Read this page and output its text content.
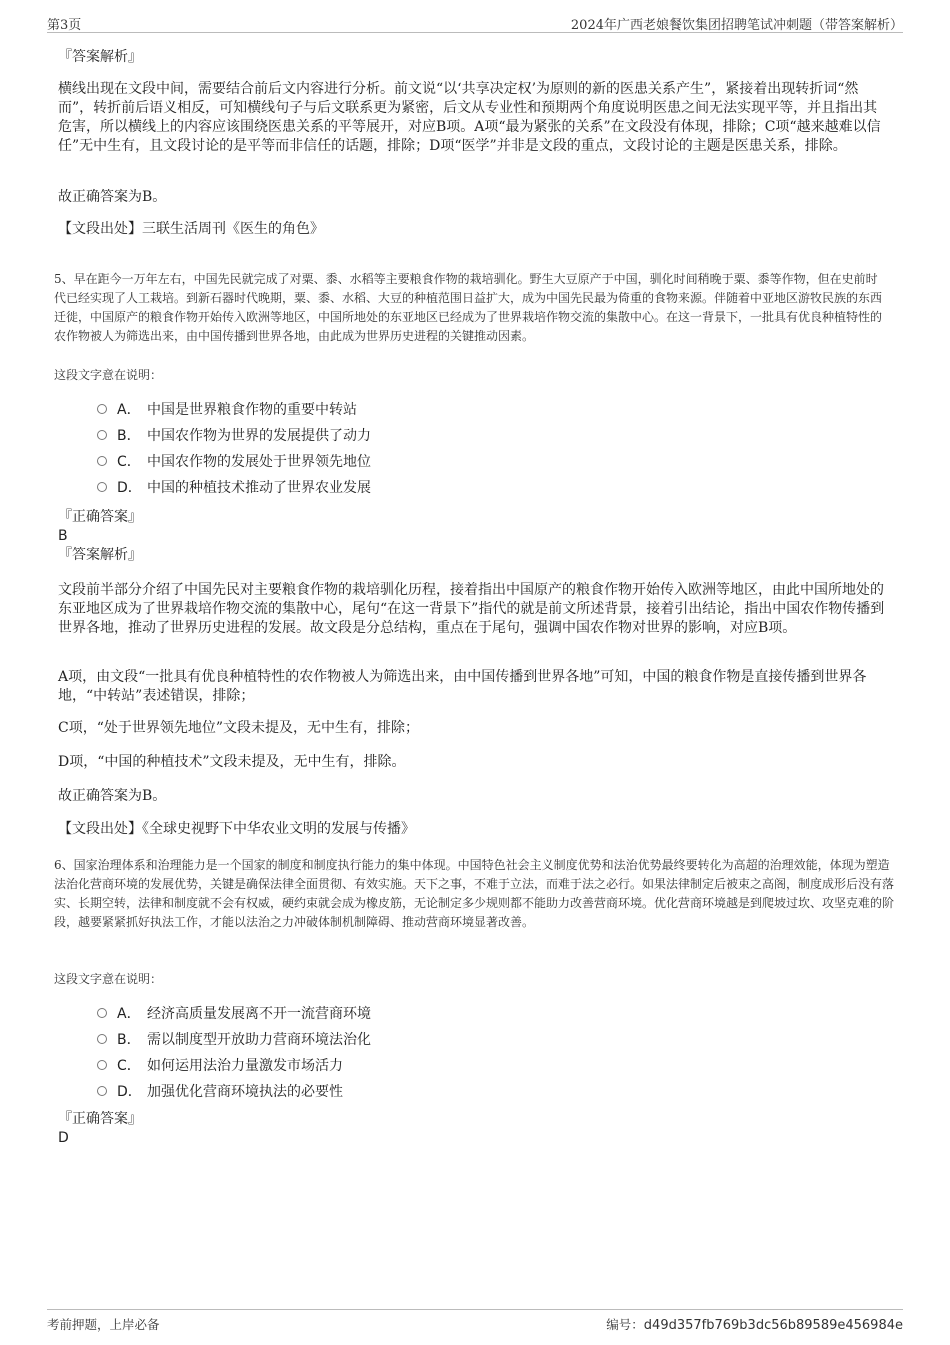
第3页	2024年广西老娘餐饮集团招聘笔试冲刺题（带答案解析）

『答案解析』

横线出现在文段中间，需要结合前后文内容进行分析。前文说“以‘共享决定权’为原则的新的医患关系产生”，紧接着出现转折词“然而”，转折前后语义相反，可知横线句子与后文联系更为紧密，后文从专业性和预期两个角度说明医患之间无法实现平等，并且指出其危害，所以横线上的内容应该围绕医患关系的平等展开，对应B项。A项“最为紧张的关系”在文段没有体现，排除；C项“越来越难以信任”无中生有，且文段讨论的是平等而非信任的话题，排除；D项“医学”并非是文段的重点，文段讨论的主题是医患关系，排除。

故正确答案为B。

【文段出处】三联生活周刊《医生的角色》

5、早在距今一万年左右，中国先民就完成了对粟、黍、水稻等主要粮食作物的栽培驯化。野生大豆原产于中国，驯化时间稍晚于粟、黍等作物，但在史前时代已经实现了人工栽培。到新石器时代晚期，粟、黍、水稻、大豆的种植范围日益扩大，成为中国先民最为倚重的食物来源。伴随着中亚地区游牧民族的东西迁徙，中国原产的粮食作物开始传入欧洲等地区，中国所地处的东亚地区已经成为了世界栽培作物交流的集散中心。在这一背景下，一批具有优良种植特性的农作物被人为筛选出来，由中国传播到世界各地，由此成为世界历史进程的关键推动因素。

这段文字意在说明：

A． 中国是世界粮食作物的重要中转站
B． 中国农作物为世界的发展提供了动力
C． 中国农作物的发展处于世界领先地位
D． 中国的种植技术推动了世界农业发展

『正确答案』

B

『答案解析』

文段前半部分介绍了中国先民对主要粮食作物的栽培驯化历程，接着指出中国原产的粮食作物开始传入欧洲等地区，由此中国所地处的东亚地区成为了世界栽培作物交流的集散中心，尾句“在这一背景下”指代的就是前文所述背景，接着引出结论，指出中国农作物传播到世界各地，推动了世界历史进程的发展。故文段是分总结构，重点在于尾句，强调中国农作物对世界的影响，对应B项。

A项，由文段“一批具有优良种植特性的农作物被人为筛选出来，由中国传播到世界各地”可知，中国的粮食作物是直接传播到世界各地，“中转站”表述错误，排除；

C项，“处于世界领先地位”文段未提及，无中生有，排除；

D项，“中国的种植技术”文段未提及，无中生有，排除。

故正确答案为B。

【文段出处】《全球史视野下中华农业文明的发展与传播》

6、国家治理体系和治理能力是一个国家的制度和制度执行能力的集中体现。中国特色社会主义制度优势和法治优势最终要转化为高超的治理效能，体现为塑造法治化营商环境的发展优势，关键是确保法律全面贯彻、有效实施。天下之事，不难于立法，而难于法之必行。如果法律制定后被束之高阁，制度成形后没有落实、长期空转，法律和制度就不会有权威，硬约束就会成为橡皮筋，无论制定多少规则都不能助力改善营商环境。优化营商环境越是到爬坡过坎、攻坚克难的阶段，越要紧紧抓好执法工作，才能以法治之力冲破体制机制障碍、推动营商环境显著改善。

这段文字意在说明：

A． 经济高质量发展离不开一流营商环境
B． 需以制度型开放助力营商环境法治化
C． 如何运用法治力量激发市场活力
D． 加强优化营商环境执法的必要性

『正确答案』

D

考前押题，上岸必备	编号：d49d357fb769b3dc56b89589e456984e
